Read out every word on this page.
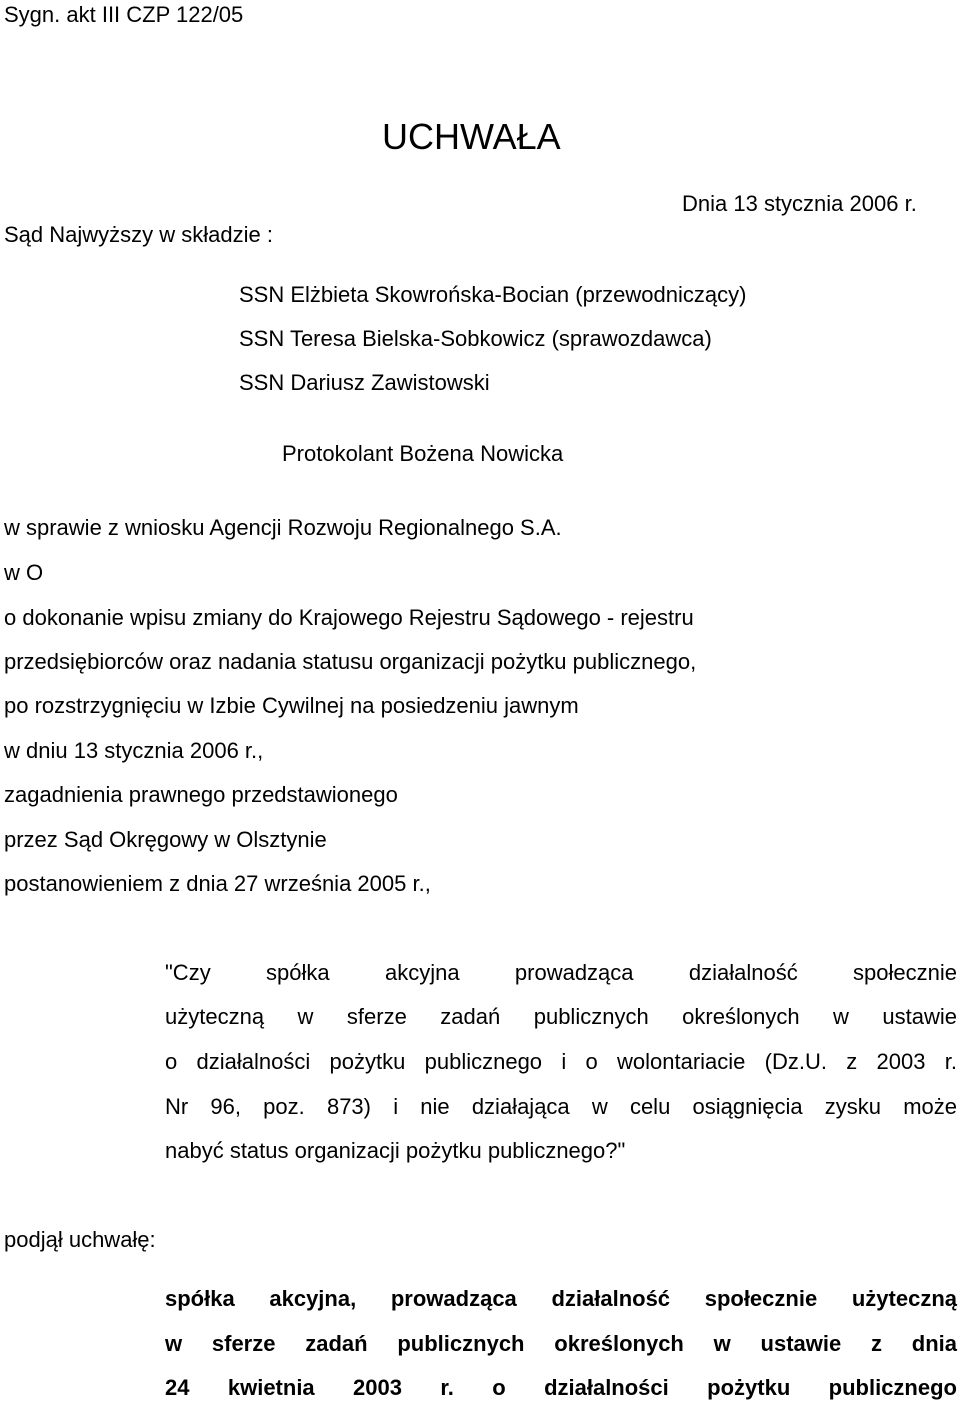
Sygn. akt III CZP 122/05
UCHWAŁA
Dnia 13 stycznia 2006 r.
Sąd Najwyższy w składzie :
SSN Elżbieta Skowrońska-Bocian (przewodniczący)
SSN Teresa Bielska-Sobkowicz (sprawozdawca)
SSN Dariusz Zawistowski
Protokolant Bożena Nowicka
w sprawie z wniosku Agencji Rozwoju Regionalnego S.A.
w O
o dokonanie wpisu zmiany do Krajowego Rejestru Sądowego - rejestru
przedsiębiorców oraz nadania statusu organizacji pożytku publicznego,
po rozstrzygnięciu w Izbie Cywilnej na posiedzeniu jawnym
w dniu 13 stycznia 2006 r.,
zagadnienia prawnego przedstawionego
przez Sąd Okręgowy w Olsztynie
postanowieniem z dnia 27 września 2005 r.,
"Czy spółka akcyjna prowadząca działalność społecznie
użyteczną w sferze zadań publicznych określonych w ustawie
o działalności pożytku publicznego i o wolontariacie (Dz.U. z 2003 r.
Nr 96, poz. 873) i nie działająca w celu osiągnięcia zysku może
nabyć status organizacji pożytku publicznego?"
podjął uchwałę:
spółka akcyjna, prowadząca działalność społecznie użyteczną
w sferze zadań publicznych określonych w ustawie z dnia
24 kwietnia 2003 r. o działalności pożytku publicznego
